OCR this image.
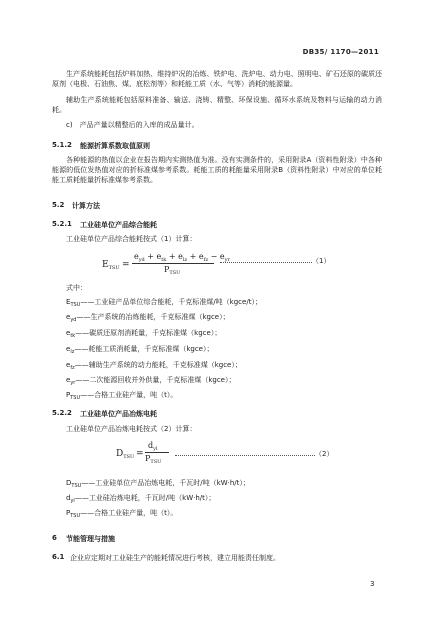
DB35/ 1170—2011
生产系统能耗包括炉料加热、维持炉况的冶炼、铁炉电、洗炉电、动力电、照明电、矿石还原的碳质还原剂（电极、石油焦、煤、底松剂等）和耗能工质（水、气等）消耗的能源量。
辅助生产系统能耗包括原料准备、输送、浇铸、精整、环保设施、循环水系统及物料与运输的动力消耗。
c)　产品产量以精整后的入库的成品量计。
5.1.2 能源折算系数取值原则
各种能源的热值以企业在报告期内实测热值为准。没有实测条件的，采用附录A（资料性附录）中各种能源的低位发热值对应的折标准煤参考系数。耗能工质的耗能量采用附录B（资料性附录）中对应的单位耗能工质耗能量折标准煤参考系数。
5.2 计算方法
5.2.1 工业硅单位产品综合能耗
工业硅单位产品综合能耗按式（1）计算：
$E_{TSU}$ =
$e_{yd} + e_{tk} + e_{lz} + e_{fz} - e_{yr}$
$P_{TSU}$
（1）
式中：
$E_{TSU}——$工业硅产品单位综合能耗，千克标准煤/吨（kgce/t）；
$e_{yd}——$生产系统的冶炼能耗，千克标准煤（kgce）；
$e_{tk}——$碳质还原剂消耗量，千克标准煤（kgce）；
$e_{lz}——$耗能工质消耗量，千克标准煤（kgce）；
$e_{fz}——$辅助生产系统的动力能耗，千克标准煤（kgce）；
$e_{yr}——$二次能源回收并外供量，千克标准煤（kgce）；
$P_{TSU}——$合格工业硅产量，吨（t）。
5.2.2 工业硅单位产品冶炼电耗
工业硅单位产品冶炼电耗按式（2）计算：
$D_{TSU}$ =
$d_{yl}$
$P_{TSU}$
（2）
$D_{TSU}——$工业硅单位产品冶炼电耗，千瓦时/吨（kW·h/t）；
$d_{yl}——$工业硅冶炼电耗，千瓦时/吨（kW·h/t）；
$P_{TSU}——$合格工业硅产量，吨（t）。
6 节能管理与措施
6.1 企业应定期对工业硅生产的能耗情况进行考核，建立用能责任制度。
3
